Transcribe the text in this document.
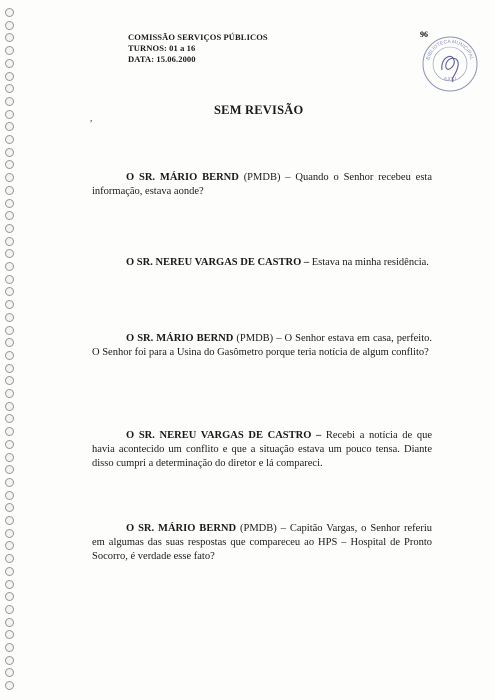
COMISSÃO SERVIÇOS PÚBLICOS
TURNOS: 01 a 16
DATA: 15.06.2000
96
BIBLIOTECA MUNICIPAL
AJOU
SEM REVISÃO
,
O SR. MÁRIO BERND (PMDB) – Quando o Senhor recebeu esta informação, estava aonde?
O SR. NEREU VARGAS DE CASTRO – Estava na minha residência.
O SR. MÁRIO BERND (PMDB) – O Senhor estava em casa, perfeito. O Senhor foi para a Usina do Gasômetro porque teria notícia de algum conflito?
O SR. NEREU VARGAS DE CASTRO – Recebi a notícia de que havia acontecido um conflito e que a situação estava um pouco tensa. Diante disso cumpri a determinação do diretor e lá compareci.
O SR. MÁRIO BERND (PMDB) – Capitão Vargas, o Senhor referiu em algumas das suas respostas que compareceu ao HPS – Hospital de Pronto Socorro, é verdade esse fato?
